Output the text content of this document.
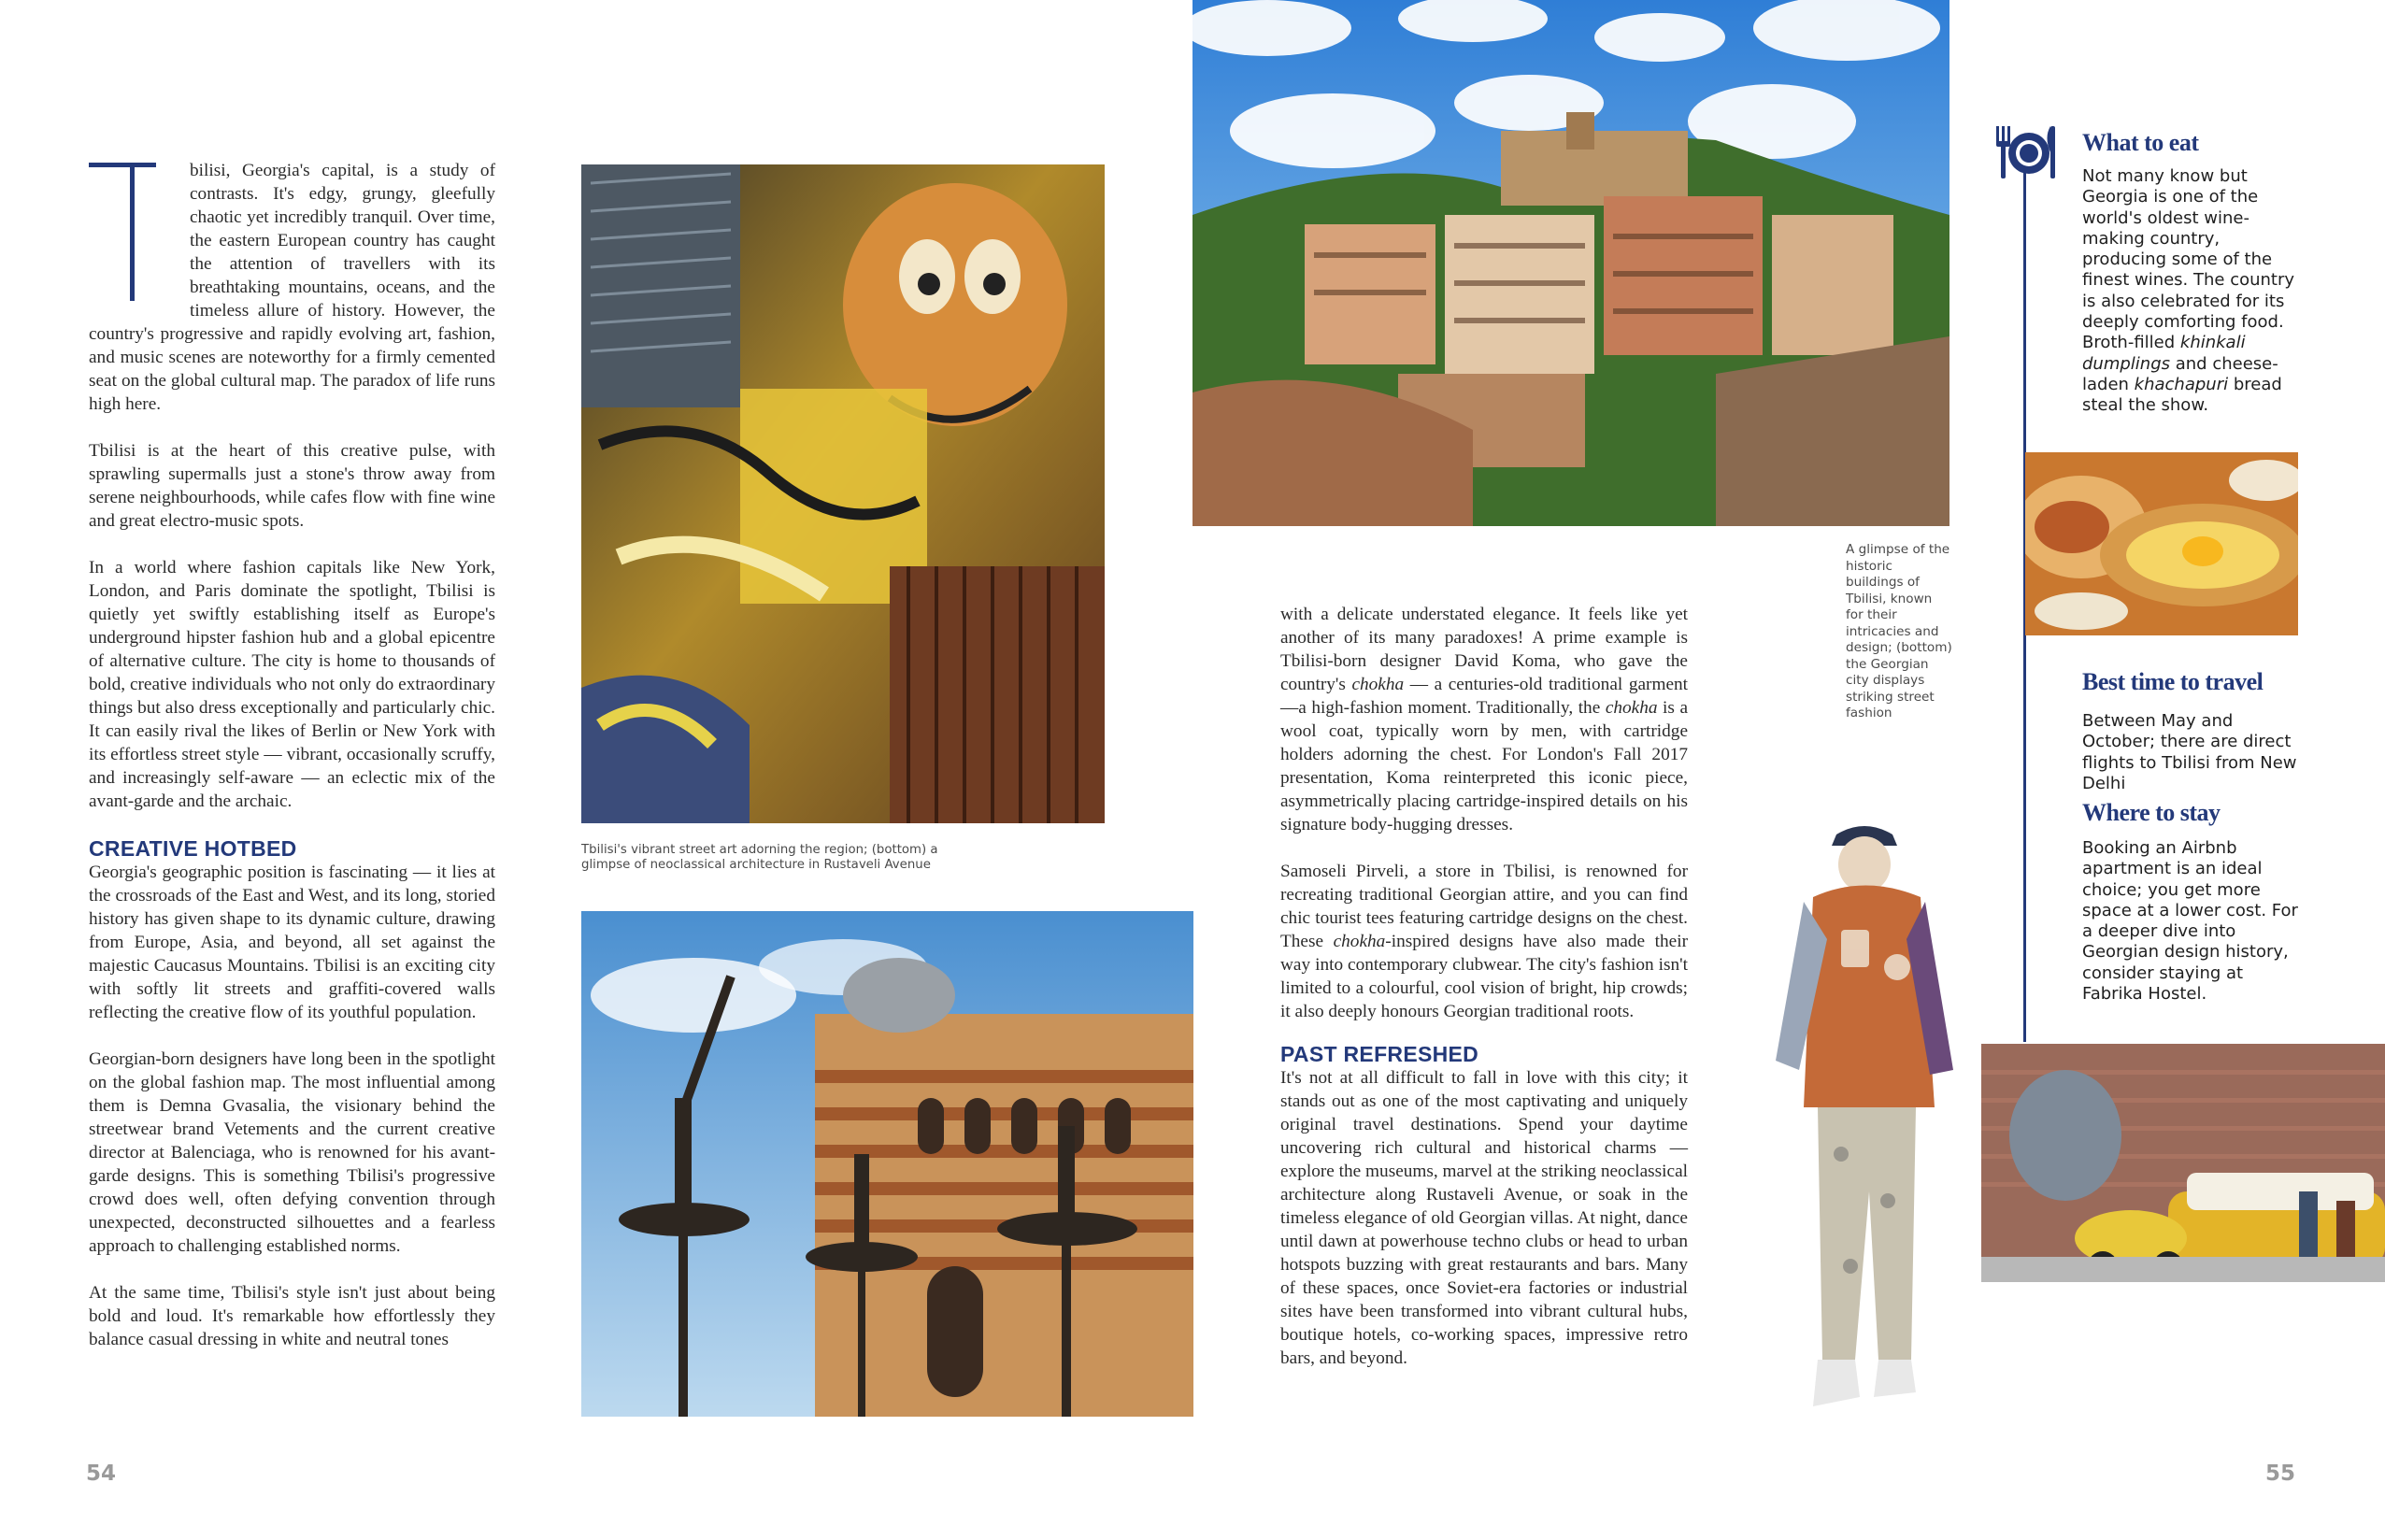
bilisi, Georgia's capital, is a study of contrasts. It's edgy, grungy, gleefully chaotic yet incredibly tranquil. Over time, the eastern European country has caught the attention of travellers with its breathtaking mountains, oceans, and the timeless allure of history. However, the country's progressive and rapidly evolving art, fashion, and music scenes are noteworthy for a firmly cemented seat on the global cultural map. The paradox of life runs high here.

Tbilisi is at the heart of this creative pulse, with sprawling supermalls just a stone's throw away from serene neighbourhoods, while cafes flow with fine wine and great electro-music spots.

In a world where fashion capitals like New York, London, and Paris dominate the spotlight, Tbilisi is quietly yet swiftly establishing itself as Europe's underground hipster fashion hub and a global epicentre of alternative culture. The city is home to thousands of bold, creative individuals who not only do extraordinary things but also dress exceptionally and particularly chic. It can easily rival the likes of Berlin or New York with its effortless street style — vibrant, occasionally scruffy, and increasingly self-aware — an eclectic mix of the avant-garde and the archaic.

CREATIVE HOTBED

Georgia's geographic position is fascinating — it lies at the crossroads of the East and West, and its long, storied history has given shape to its dynamic culture, drawing from Europe, Asia, and beyond, all set against the majestic Caucasus Mountains. Tbilisi is an exciting city with softly lit streets and graffiti-covered walls reflecting the creative flow of its youthful population.

Georgian-born designers have long been in the spotlight on the global fashion map. The most influential among them is Demna Gvasalia, the visionary behind the streetwear brand Vetements and the current creative director at Balenciaga, who is renowned for his avant-garde designs. This is something Tbilisi's progressive crowd does well, often defying convention through unexpected, deconstructed silhouettes and a fearless approach to challenging established norms.

At the same time, Tbilisi's style isn't just about being bold and loud. It's remarkable how effortlessly they balance casual dressing in white and neutral tones

Tbilisi's vibrant street art adorning the region; (bottom) a glimpse of neoclassical architecture in Rustaveli Avenue
54
A glimpse of the historic buildings of Tbilisi, known for their intricacies and design; (bottom) the Georgian city displays striking street fashion

with a delicate understated elegance. It feels like yet another of its many paradoxes! A prime example is Tbilisi-born designer David Koma, who gave the country's chokha — a centuries-old traditional garment—a high-fashion moment. Traditionally, the chokha is a wool coat, typically worn by men, with cartridge holders adorning the chest. For London's Fall 2017 presentation, Koma reinterpreted this iconic piece, asymmetrically placing cartridge-inspired details on his signature body-hugging dresses.

Samoseli Pirveli, a store in Tbilisi, is renowned for recreating traditional Georgian attire, and you can find chic tourist tees featuring cartridge designs on the chest. These chokha-inspired designs have also made their way into contemporary clubwear. The city's fashion isn't limited to a colourful, cool vision of bright, hip crowds; it also deeply honours Georgian traditional roots.

PAST REFRESHED

It's not at all difficult to fall in love with this city; it stands out as one of the most captivating and uniquely original travel destinations. Spend your daytime uncovering rich cultural and historical charms — explore the museums, marvel at the striking neoclassical architecture along Rustaveli Avenue, or soak in the timeless elegance of old Georgian villas. At night, dance until dawn at powerhouse techno clubs or head to urban hotspots buzzing with great restaurants and bars. Many of these spaces, once Soviet-era factories or industrial sites have been transformed into vibrant cultural hubs, boutique hotels, co-working spaces, impressive retro bars, and beyond.

What to eat
Not many know but Georgia is one of the world's oldest wine-making country, producing some of the finest wines. The country is also celebrated for its deeply comforting food. Broth-filled khinkali dumplings and cheese-laden khachapuri bread steal the show.
Best time to travel
Between May and October; there are direct flights to Tbilisi from New Delhi
Where to stay
Booking an Airbnb apartment is an ideal choice; you get more space at a lower cost. For a deeper dive into Georgian design history, consider staying at Fabrika Hostel.
55
